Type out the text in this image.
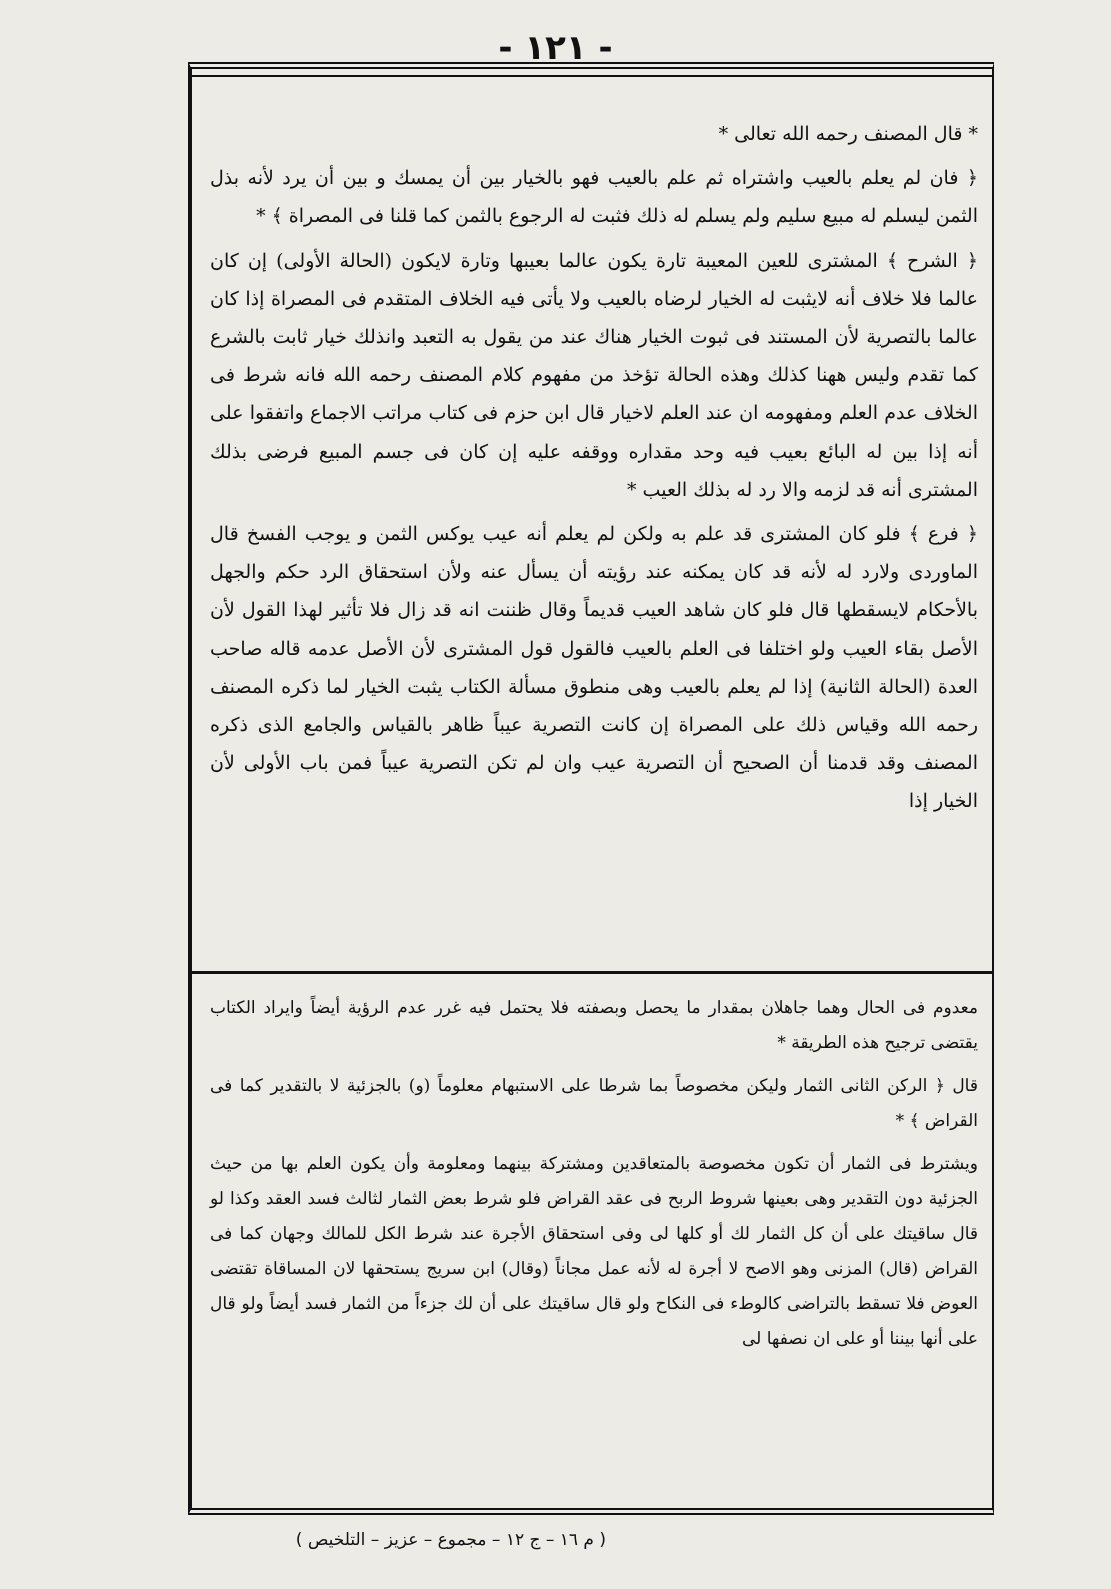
- ١٢١ -

* قال المصنف رحمه الله تعالى *

﴿ فان لم يعلم بالعيب واشتراه ثم علم بالعيب فهو بالخيار بين أن يمسك و بين أن يرد لأنه بذل الثمن ليسلم له مبيع سليم ولم يسلم له ذلك فثبت له الرجوع بالثمن كما قلنا فى المصراة ﴾ *

﴿ الشرح ﴾ المشترى للعين المعيبة تارة يكون عالما بعيبها وتارة لايكون (الحالة الأولى) إن كان عالما فلا خلاف أنه لايثبت له الخيار لرضاه بالعيب ولا يأتى فيه الخلاف المتقدم فى المصراة إذا كان عالما بالتصرية لأن المستند فى ثبوت الخيار هناك عند من يقول به التعبد وانذلك خيار ثابت بالشرع كما تقدم وليس ههنا كذلك وهذه الحالة تؤخذ من مفهوم كلام المصنف رحمه الله فانه شرط فى الخلاف عدم العلم ومفهومه ان عند العلم لاخيار قال ابن حزم فى كتاب مراتب الاجماع واتفقوا على أنه إذا بين له البائع بعيب فيه وحد مقداره ووقفه عليه إن كان فى جسم المبيع فرضى بذلك المشترى أنه قد لزمه والا رد له بذلك العيب *

﴿ فرع ﴾ فلو كان المشترى قد علم به ولكن لم يعلم أنه عيب يوكس الثمن و يوجب الفسخ قال الماوردى ولارد له لأنه قد كان يمكنه عند رؤيته أن يسأل عنه ولأن استحقاق الرد حكم والجهل بالأحكام لايسقطها قال فلو كان شاهد العيب قديماً وقال ظننت انه قد زال فلا تأثير لهذا القول لأن الأصل بقاء العيب ولو اختلفا فى العلم بالعيب فالقول قول المشترى لأن الأصل عدمه قاله صاحب العدة (الحالة الثانية) إذا لم يعلم بالعيب وهى منطوق مسألة الكتاب يثبت الخيار لما ذكره المصنف رحمه الله وقياس ذلك على المصراة إن كانت التصرية عيباً ظاهر بالقياس والجامع الذى ذكره المصنف وقد قدمنا أن الصحيح أن التصرية عيب وان لم تكن التصرية عيباً فمن باب الأولى لأن الخيار إذا

معدوم فى الحال وهما جاهلان بمقدار ما يحصل وبصفته فلا يحتمل فيه غرر عدم الرؤية أيضاً وايراد الكتاب يقتضى ترجيح هذه الطريقة *

قال ﴿ الركن الثانى الثمار وليكن مخصوصاً بما شرطا على الاستبهام معلوماً (و) بالجزئية لا بالتقدير كما فى القراض ﴾ *

ويشترط فى الثمار أن تكون مخصوصة بالمتعاقدين ومشتركة بينهما ومعلومة وأن يكون العلم بها من حيث الجزئية دون التقدير وهى بعينها شروط الربح فى عقد القراض فلو شرط بعض الثمار لثالث فسد العقد وكذا لو قال ساقيتك على أن كل الثمار لك أو كلها لى وفى استحقاق الأجرة عند شرط الكل للمالك وجهان كما فى القراض (قال) المزنى وهو الاصح لا أجرة له لأنه عمل مجاناً (وقال) ابن سريج يستحقها لان المساقاة تقتضى العوض فلا تسقط بالتراضى كالوطء فى النكاح ولو قال ساقيتك على أن لك جزءاً من الثمار فسد أيضاً ولو قال على أنها بيننا أو على ان نصفها لى

( م ١٦ – ج ١٢ – مجموع – عزيز – التلخيص )
